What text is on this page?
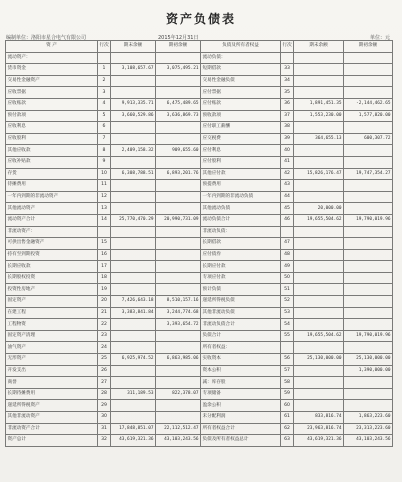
资产负债表
编制单位：洛阳市星合电气有限公司	2015年12月31日	单位：元
资 产	行次	期末余额	期初余额	负债及所有者权益	行次	期末余额	期初余额
流动资产：				流动负债：			
货币资金	1	3,108,657.67	3,075,495.21	短期借款	33		
交易性金融资产	2			交易性金融负债	34		
应收票据	3			应付票据	35		
应收账款	4	9,913,335.71	6,475,489.65	应付账款	36	1,891,451.35	-2,144,462.65
预付款项	5	3,660,529.86	3,636,869.73	预收款项	37	1,553,230.00	1,577,820.00
应收利息	6			应付职工薪酬	38		
应收股利	7			应交税费	39	364,655.13	600,307.72
其他应收款	8	2,409,158.32	909,655.60	应付利息	40		
应收补贴款	9			应付股利	41		
存货	10	6,308,788.51	6,893,201.76	其他应付款	42	15,826,176.47	19,747,354.27
待摊费用	11			预提费用	43		
一年内到期的非流动资产	12			一年内到期的非流动负债	44		
其他流动资产	13			其他流动负债	45	20,000.00	
流动资产合计	14	25,770,470.29	20,990,731.09	流动负债合计	46	19,655,504.62	19,790,019.96
非流动资产：				非流动负债：			
可供出售金融资产	15			长期借款	47		
持有至到期投资	16			应付债券	48		
长期应收款	17			长期应付款	49		
长期股权投资	18			专项应付款	50		
投资性房地产	19			预计负债	51		
固定资产	20	7,426,643.18	8,510,157.16	递延所得税负债	52		
在建工程	21	3,383,841.84	3,244,774.68	其他非流动负债	53		
工程物资	22		3,393,654.72	非流动负债合计	54		
固定资产清理	23			负债合计	55	19,655,504.62	19,790,019.96
油气资产	24			所有者权益：			
无形资产	25	6,925,974.52	6,863,985.06	实收资本	56	25,130,000.00	25,130,000.00
开发支出	26			资本公积	57		1,390,000.00
商誉	27			减：库存股	58		
长期待摊费用	28	311,189.53	822,378.07	专项储备	59		
递延所得税资产	29			盈余公积	60		
其他非流动资产	30			未分配利润	61	833,816.74	1,863,223.60
非流动资产合计	31	17,848,851.07	22,112,512.47	所有者权益合计	62	23,963,816.74	23,313,223.60
资产总计	32	43,619,321.36	43,103,243.56	负债及所有者权益总计	63	43,619,321.36	43,103,243.56
